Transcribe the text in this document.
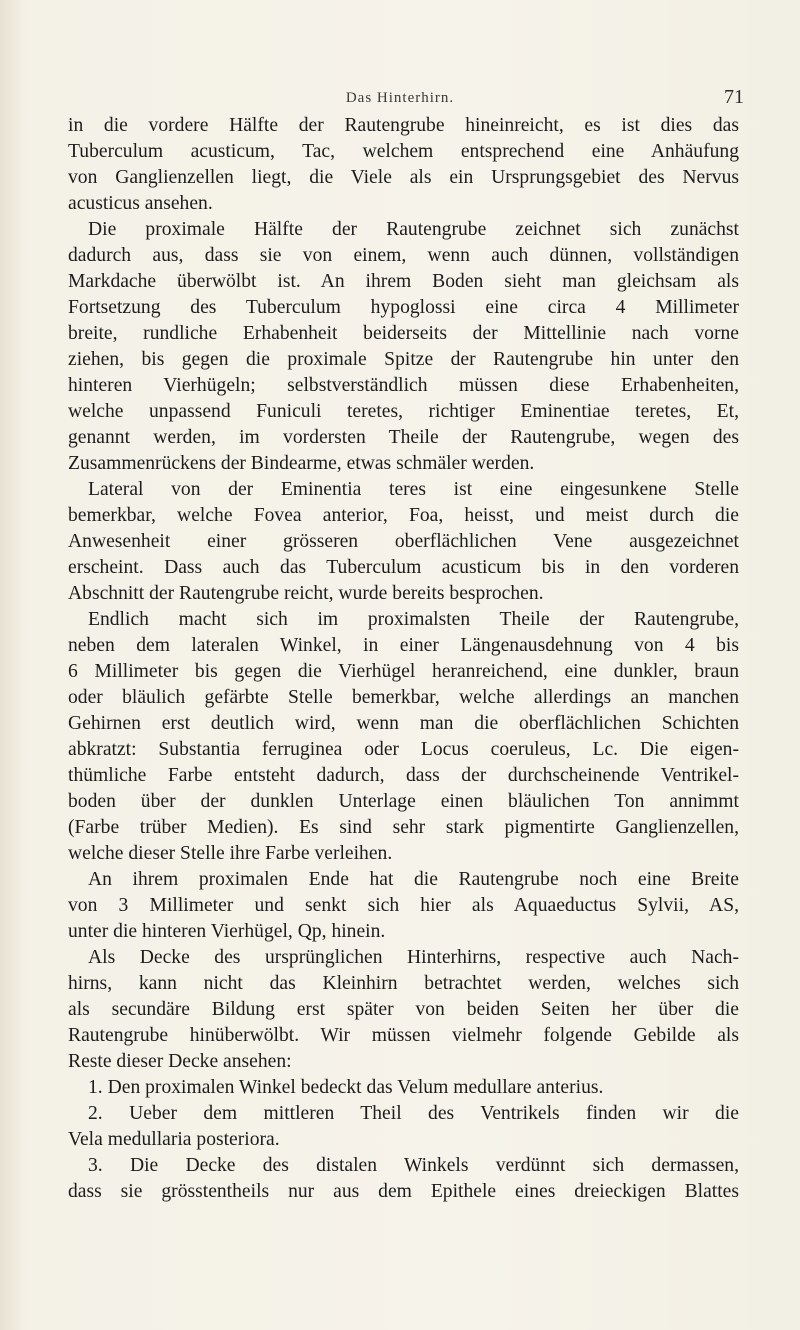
Das Hinterhirn.	71
in die vordere Hälfte der Rautengrube hineinreicht, es ist dies das
Tuberculum acusticum, Tac, welchem entsprechend eine Anhäufung
von Ganglienzellen liegt, die Viele als ein Ursprungsgebiet des Nervus
acusticus ansehen.
Die proximale Hälfte der Rautengrube zeichnet sich zunächst
dadurch aus, dass sie von einem, wenn auch dünnen, vollständigen
Markdache überwölbt ist. An ihrem Boden sieht man gleichsam als
Fortsetzung des Tuberculum hypoglossi eine circa 4 Millimeter
breite, rundliche Erhabenheit beiderseits der Mittellinie nach vorne
ziehen, bis gegen die proximale Spitze der Rautengrube hin unter den
hinteren Vierhügeln; selbstverständlich müssen diese Erhabenheiten,
welche unpassend Funiculi teretes, richtiger Eminentiae teretes, Et,
genannt werden, im vordersten Theile der Rautengrube, wegen des
Zusammenrückens der Bindearme, etwas schmäler werden.
Lateral von der Eminentia teres ist eine eingesunkene Stelle
bemerkbar, welche Fovea anterior, Foa, heisst, und meist durch die
Anwesenheit einer grösseren oberflächlichen Vene ausgezeichnet
erscheint. Dass auch das Tuberculum acusticum bis in den vorderen
Abschnitt der Rautengrube reicht, wurde bereits besprochen.
Endlich macht sich im proximalsten Theile der Rautengrube,
neben dem lateralen Winkel, in einer Längenausdehnung von 4 bis
6 Millimeter bis gegen die Vierhügel heranreichend, eine dunkler, braun
oder bläulich gefärbte Stelle bemerkbar, welche allerdings an manchen
Gehirnen erst deutlich wird, wenn man die oberflächlichen Schichten
abkratzt: Substantia ferruginea oder Locus coeruleus, Lc. Die eigen-
thümliche Farbe entsteht dadurch, dass der durchscheinende Ventrikel-
boden über der dunklen Unterlage einen bläulichen Ton annimmt
(Farbe trüber Medien). Es sind sehr stark pigmentirte Ganglienzellen,
welche dieser Stelle ihre Farbe verleihen.
An ihrem proximalen Ende hat die Rautengrube noch eine Breite
von 3 Millimeter und senkt sich hier als Aquaeductus Sylvii, AS,
unter die hinteren Vierhügel, Qp, hinein.
Als Decke des ursprünglichen Hinterhirns, respective auch Nach-
hirns, kann nicht das Kleinhirn betrachtet werden, welches sich
als secundäre Bildung erst später von beiden Seiten her über die
Rautengrube hinüberwölbt. Wir müssen vielmehr folgende Gebilde als
Reste dieser Decke ansehen:
1. Den proximalen Winkel bedeckt das Velum medullare anterius.
2. Ueber dem mittleren Theil des Ventrikels finden wir die
Vela medullaria posteriora.
3. Die Decke des distalen Winkels verdünnt sich dermassen,
dass sie grösstentheils nur aus dem Epithele eines dreieckigen Blattes
